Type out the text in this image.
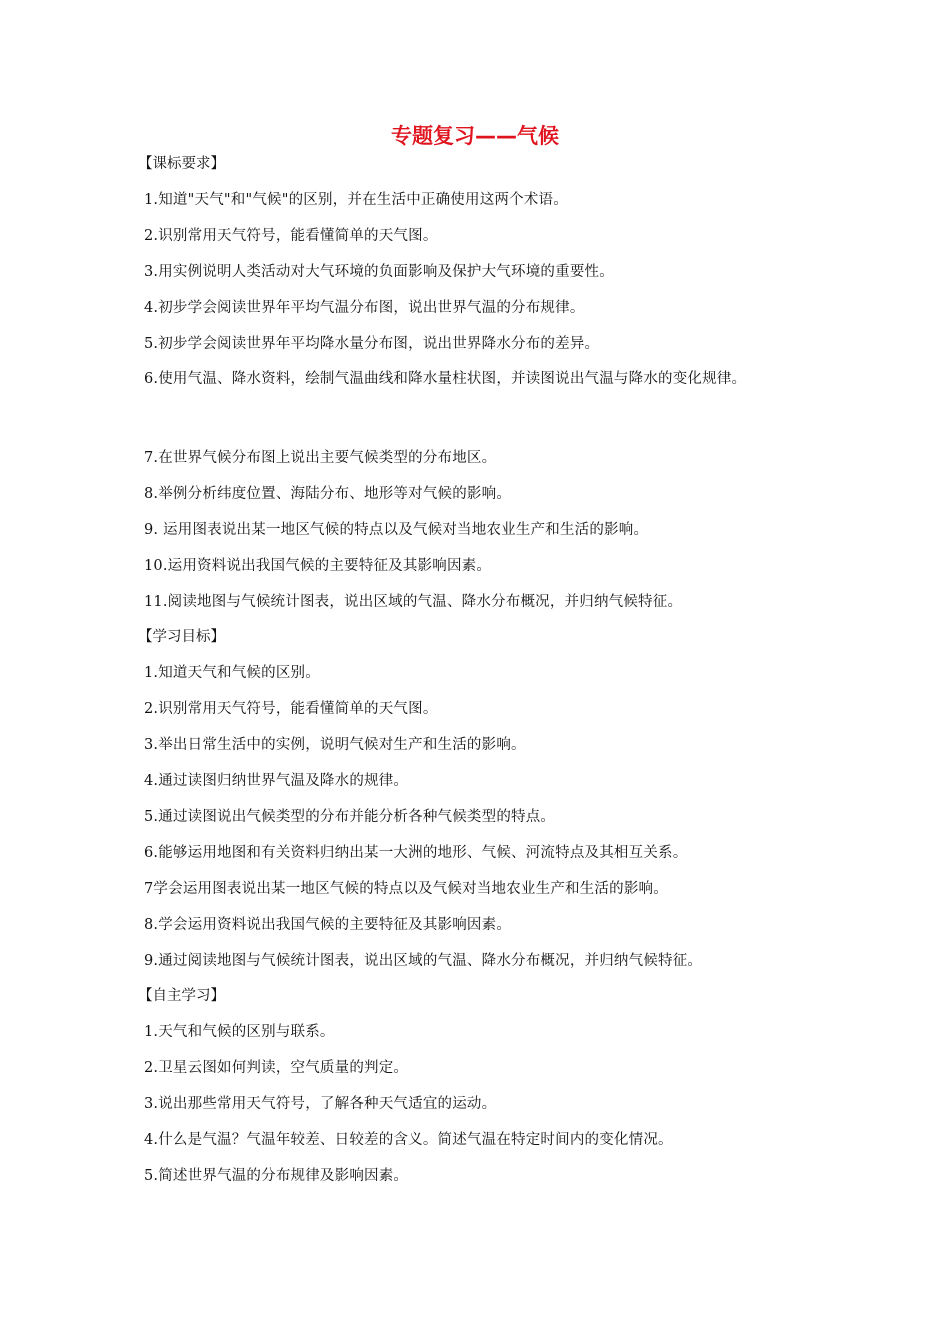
专题复习——气候
【课标要求】
1.知道"天气"和"气候"的区别，并在生活中正确使用这两个术语。
2.识别常用天气符号，能看懂简单的天气图。
3.用实例说明人类活动对大气环境的负面影响及保护大气环境的重要性。
4.初步学会阅读世界年平均气温分布图，说出世界气温的分布规律。
5.初步学会阅读世界年平均降水量分布图，说出世界降水分布的差异。
6.使用气温、降水资料，绘制气温曲线和降水量柱状图，并读图说出气温与降水的变化规律。
7.在世界气候分布图上说出主要气候类型的分布地区。
8.举例分析纬度位置、海陆分布、地形等对气候的影响。
9. 运用图表说出某一地区气候的特点以及气候对当地农业生产和生活的影响。
10.运用资料说出我国气候的主要特征及其影响因素。
11.阅读地图与气候统计图表，说出区域的气温、降水分布概况，并归纳气候特征。
【学习目标】
1.知道天气和气候的区别。
2.识别常用天气符号，能看懂简单的天气图。
3.举出日常生活中的实例，说明气候对生产和生活的影响。
4.通过读图归纳世界气温及降水的规律。
5.通过读图说出气候类型的分布并能分析各种气候类型的特点。
6.能够运用地图和有关资料归纳出某一大洲的地形、气候、河流特点及其相互关系。
7学会运用图表说出某一地区气候的特点以及气候对当地农业生产和生活的影响。
8.学会运用资料说出我国气候的主要特征及其影响因素。
9.通过阅读地图与气候统计图表，说出区域的气温、降水分布概况，并归纳气候特征。
【自主学习】
1.天气和气候的区别与联系。
2.卫星云图如何判读，空气质量的判定。
3.说出那些常用天气符号，了解各种天气适宜的运动。
4.什么是气温？气温年较差、日较差的含义。简述气温在特定时间内的变化情况。
5.简述世界气温的分布规律及影响因素。
